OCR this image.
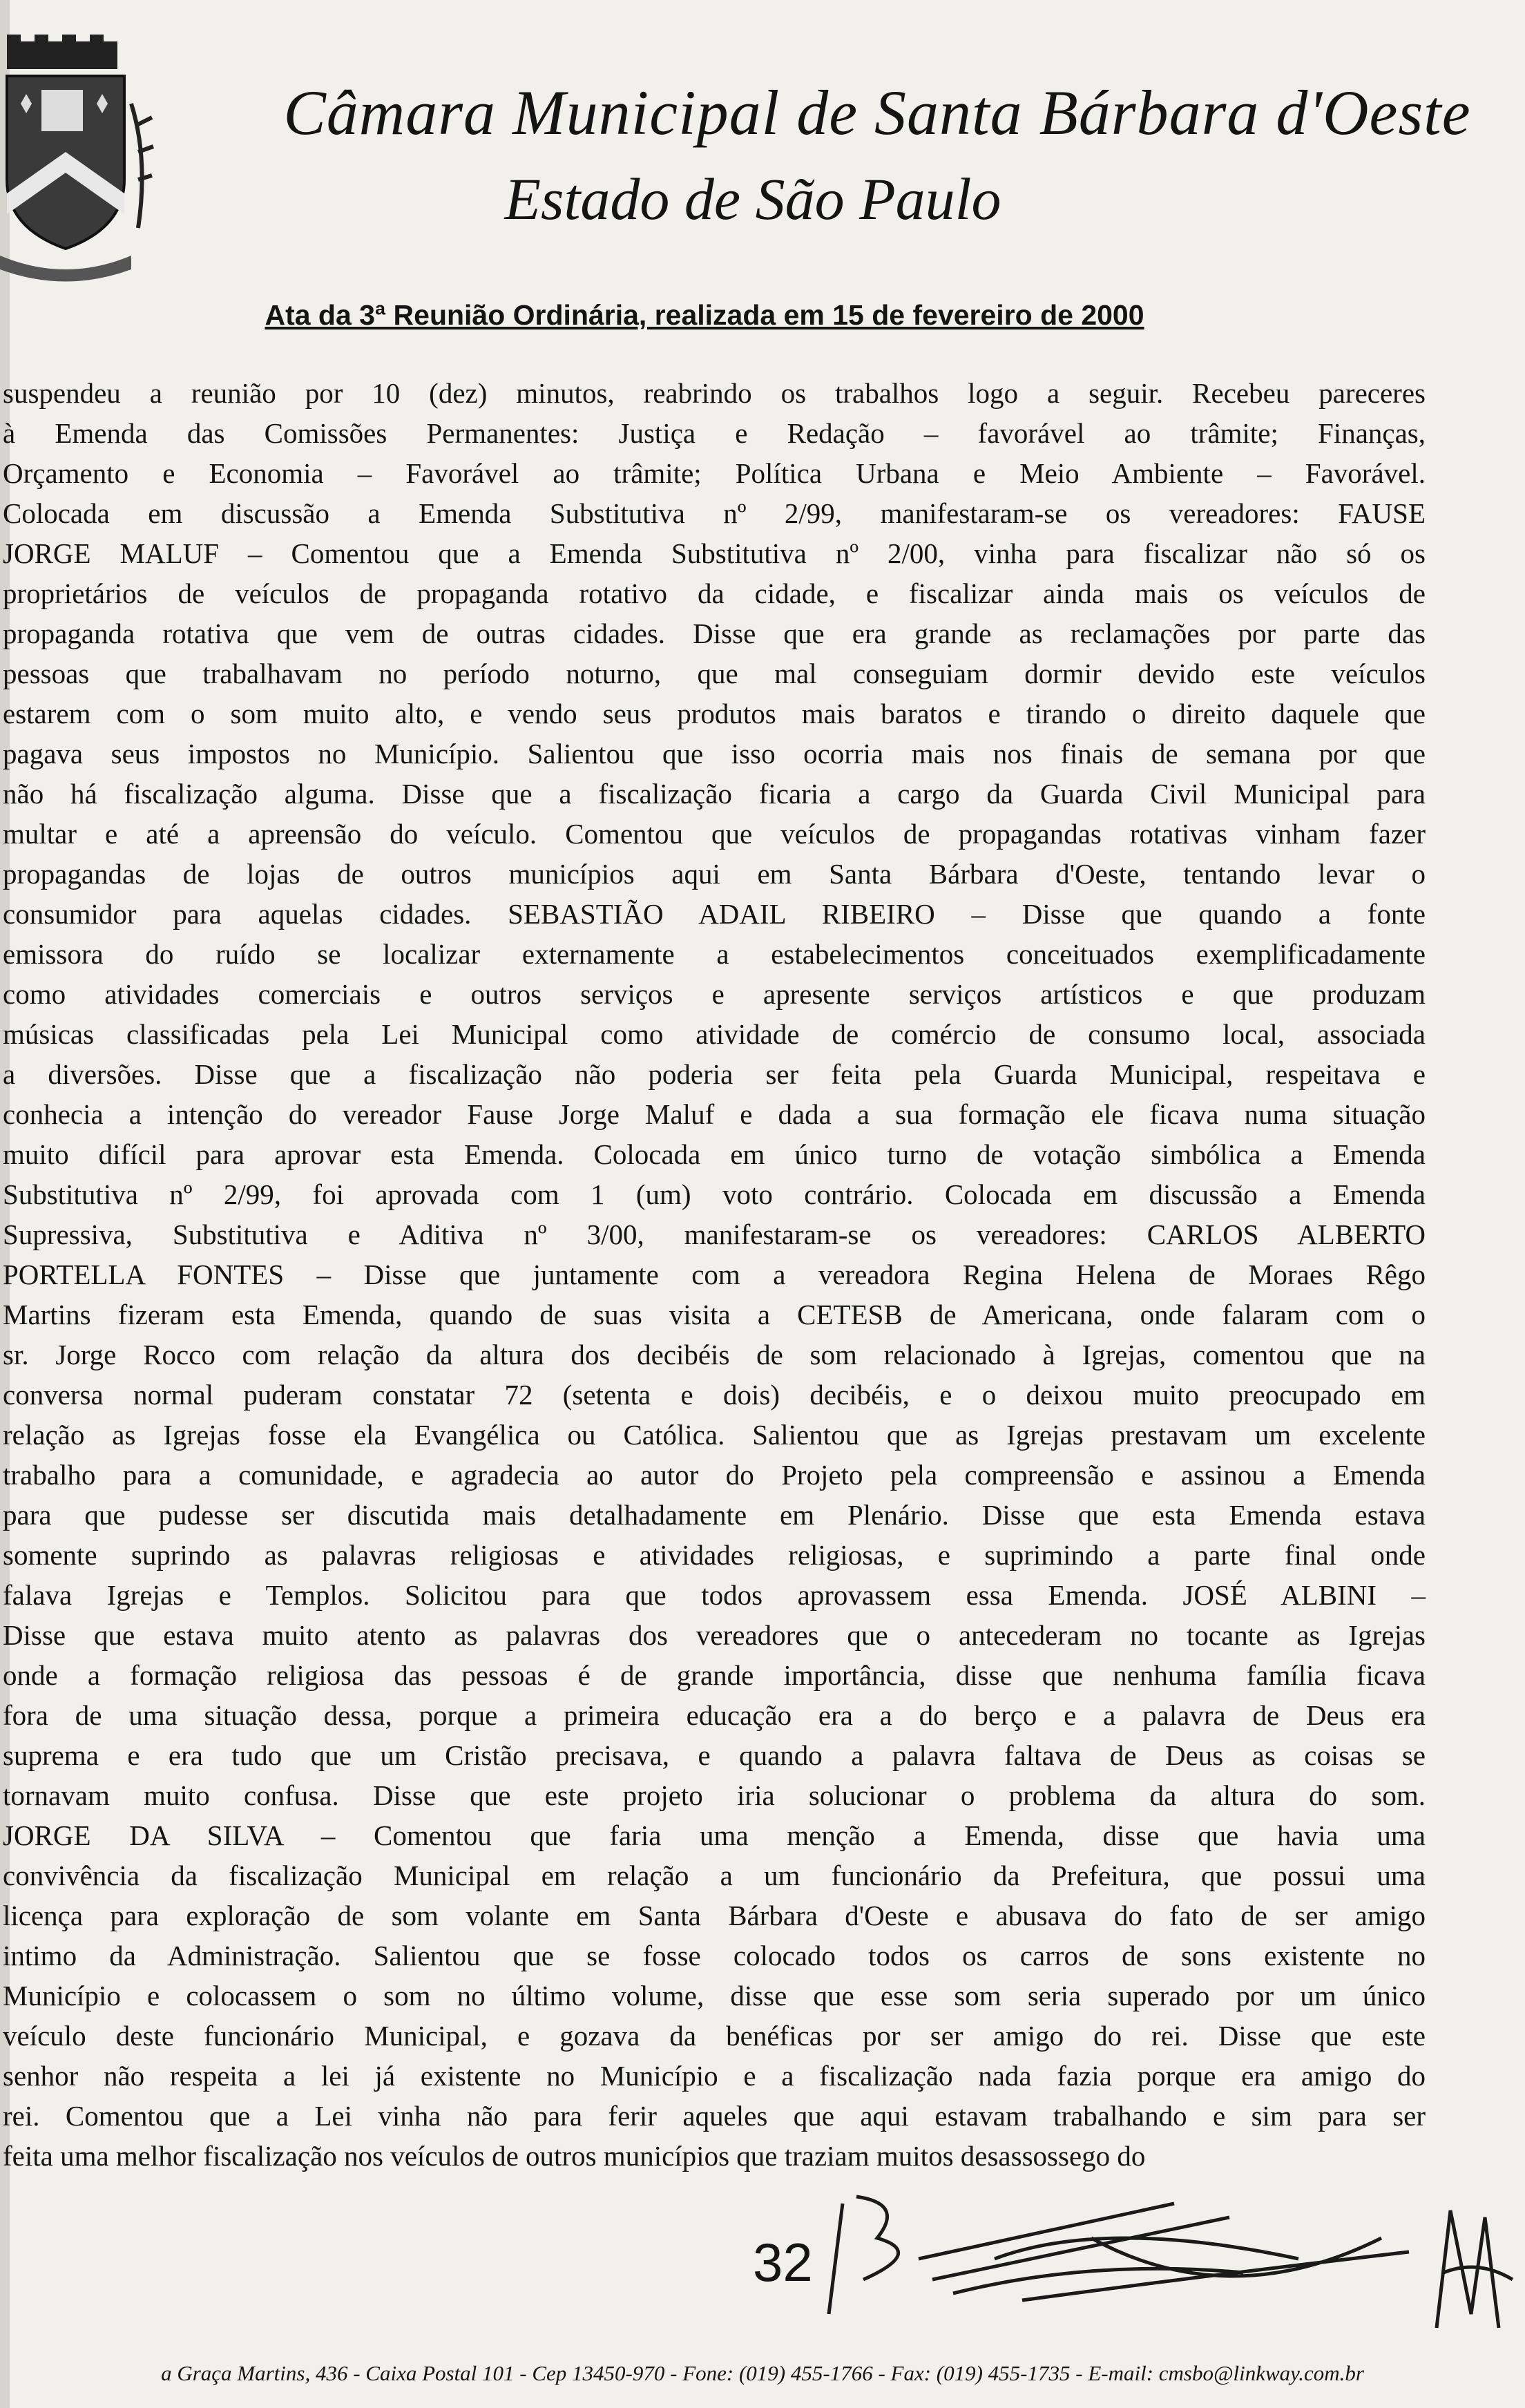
Câmara Municipal de Santa Bárbara d'Oeste
Estado de São Paulo
Ata da 3ª Reunião Ordinária, realizada em 15 de fevereiro de 2000
suspendeu a reunião por 10 (dez) minutos, reabrindo os trabalhos logo a seguir. Recebeu pareceres
à Emenda das Comissões Permanentes: Justiça e Redação – favorável ao trâmite; Finanças,
Orçamento e Economia – Favorável ao trâmite; Política Urbana e Meio Ambiente – Favorável.
Colocada em discussão a Emenda Substitutiva nº 2/99, manifestaram-se os vereadores: FAUSE
JORGE MALUF – Comentou que a Emenda Substitutiva nº 2/00, vinha para fiscalizar não só os
proprietários de veículos de propaganda rotativo da cidade, e fiscalizar ainda mais os veículos de
propaganda rotativa que vem de outras cidades. Disse que era grande as reclamações por parte das
pessoas que trabalhavam no período noturno, que mal conseguiam dormir devido este veículos
estarem com o som muito alto, e vendo seus produtos mais baratos e tirando o direito daquele que
pagava seus impostos no Município. Salientou que isso ocorria mais nos finais de semana por que
não há fiscalização alguma. Disse que a fiscalização ficaria a cargo da Guarda Civil Municipal para
multar e até a apreensão do veículo. Comentou que veículos de propagandas rotativas vinham fazer
propagandas de lojas de outros municípios aqui em Santa Bárbara d'Oeste, tentando levar o
consumidor para aquelas cidades. SEBASTIÃO ADAIL RIBEIRO – Disse que quando a fonte
emissora do ruído se localizar externamente a estabelecimentos conceituados exemplificadamente
como atividades comerciais e outros serviços e apresente serviços artísticos e que produzam
músicas classificadas pela Lei Municipal como atividade de comércio de consumo local, associada
a diversões. Disse que a fiscalização não poderia ser feita pela Guarda Municipal, respeitava e
conhecia a intenção do vereador Fause Jorge Maluf e dada a sua formação ele ficava numa situação
muito difícil para aprovar esta Emenda. Colocada em único turno de votação simbólica a Emenda
Substitutiva nº 2/99, foi aprovada com 1 (um) voto contrário. Colocada em discussão a Emenda
Supressiva, Substitutiva e Aditiva nº 3/00, manifestaram-se os vereadores: CARLOS ALBERTO
PORTELLA FONTES – Disse que juntamente com a vereadora Regina Helena de Moraes Rêgo
Martins fizeram esta Emenda, quando de suas visita a CETESB de Americana, onde falaram com o
sr. Jorge Rocco com relação da altura dos decibéis de som relacionado à Igrejas, comentou que na
conversa normal puderam constatar 72 (setenta e dois) decibéis, e o deixou muito preocupado em
relação as Igrejas fosse ela Evangélica ou Católica. Salientou que as Igrejas prestavam um excelente
trabalho para a comunidade, e agradecia ao autor do Projeto pela compreensão e assinou a Emenda
para que pudesse ser discutida mais detalhadamente em Plenário. Disse que esta Emenda estava
somente suprindo as palavras religiosas e atividades religiosas, e suprimindo a parte final onde
falava Igrejas e Templos. Solicitou para que todos aprovassem essa Emenda. JOSÉ ALBINI –
Disse que estava muito atento as palavras dos vereadores que o antecederam no tocante as Igrejas
onde a formação religiosa das pessoas é de grande importância, disse que nenhuma família ficava
fora de uma situação dessa, porque a primeira educação era a do berço e a palavra de Deus era
suprema e era tudo que um Cristão precisava, e quando a palavra faltava de Deus as coisas se
tornavam muito confusa. Disse que este projeto iria solucionar o problema da altura do som.
JORGE DA SILVA – Comentou que faria uma menção a Emenda, disse que havia uma
convivência da fiscalização Municipal em relação a um funcionário da Prefeitura, que possui uma
licença para exploração de som volante em Santa Bárbara d'Oeste e abusava do fato de ser amigo
intimo da Administração. Salientou que se fosse colocado todos os carros de sons existente no
Município e colocassem o som no último volume, disse que esse som seria superado por um único
veículo deste funcionário Municipal, e gozava da benéficas por ser amigo do rei. Disse que este
senhor não respeita a lei já existente no Município e a fiscalização nada fazia porque era amigo do
rei. Comentou que a Lei vinha não para ferir aqueles que aqui estavam trabalhando e sim para ser
feita uma melhor fiscalização nos veículos de outros municípios que traziam muitos desassossego do
32
a Graça Martins, 436 - Caixa Postal 101 - Cep 13450-970 - Fone: (019) 455-1766 - Fax: (019) 455-1735 - E-mail: cmsbo@linkway.com.br
